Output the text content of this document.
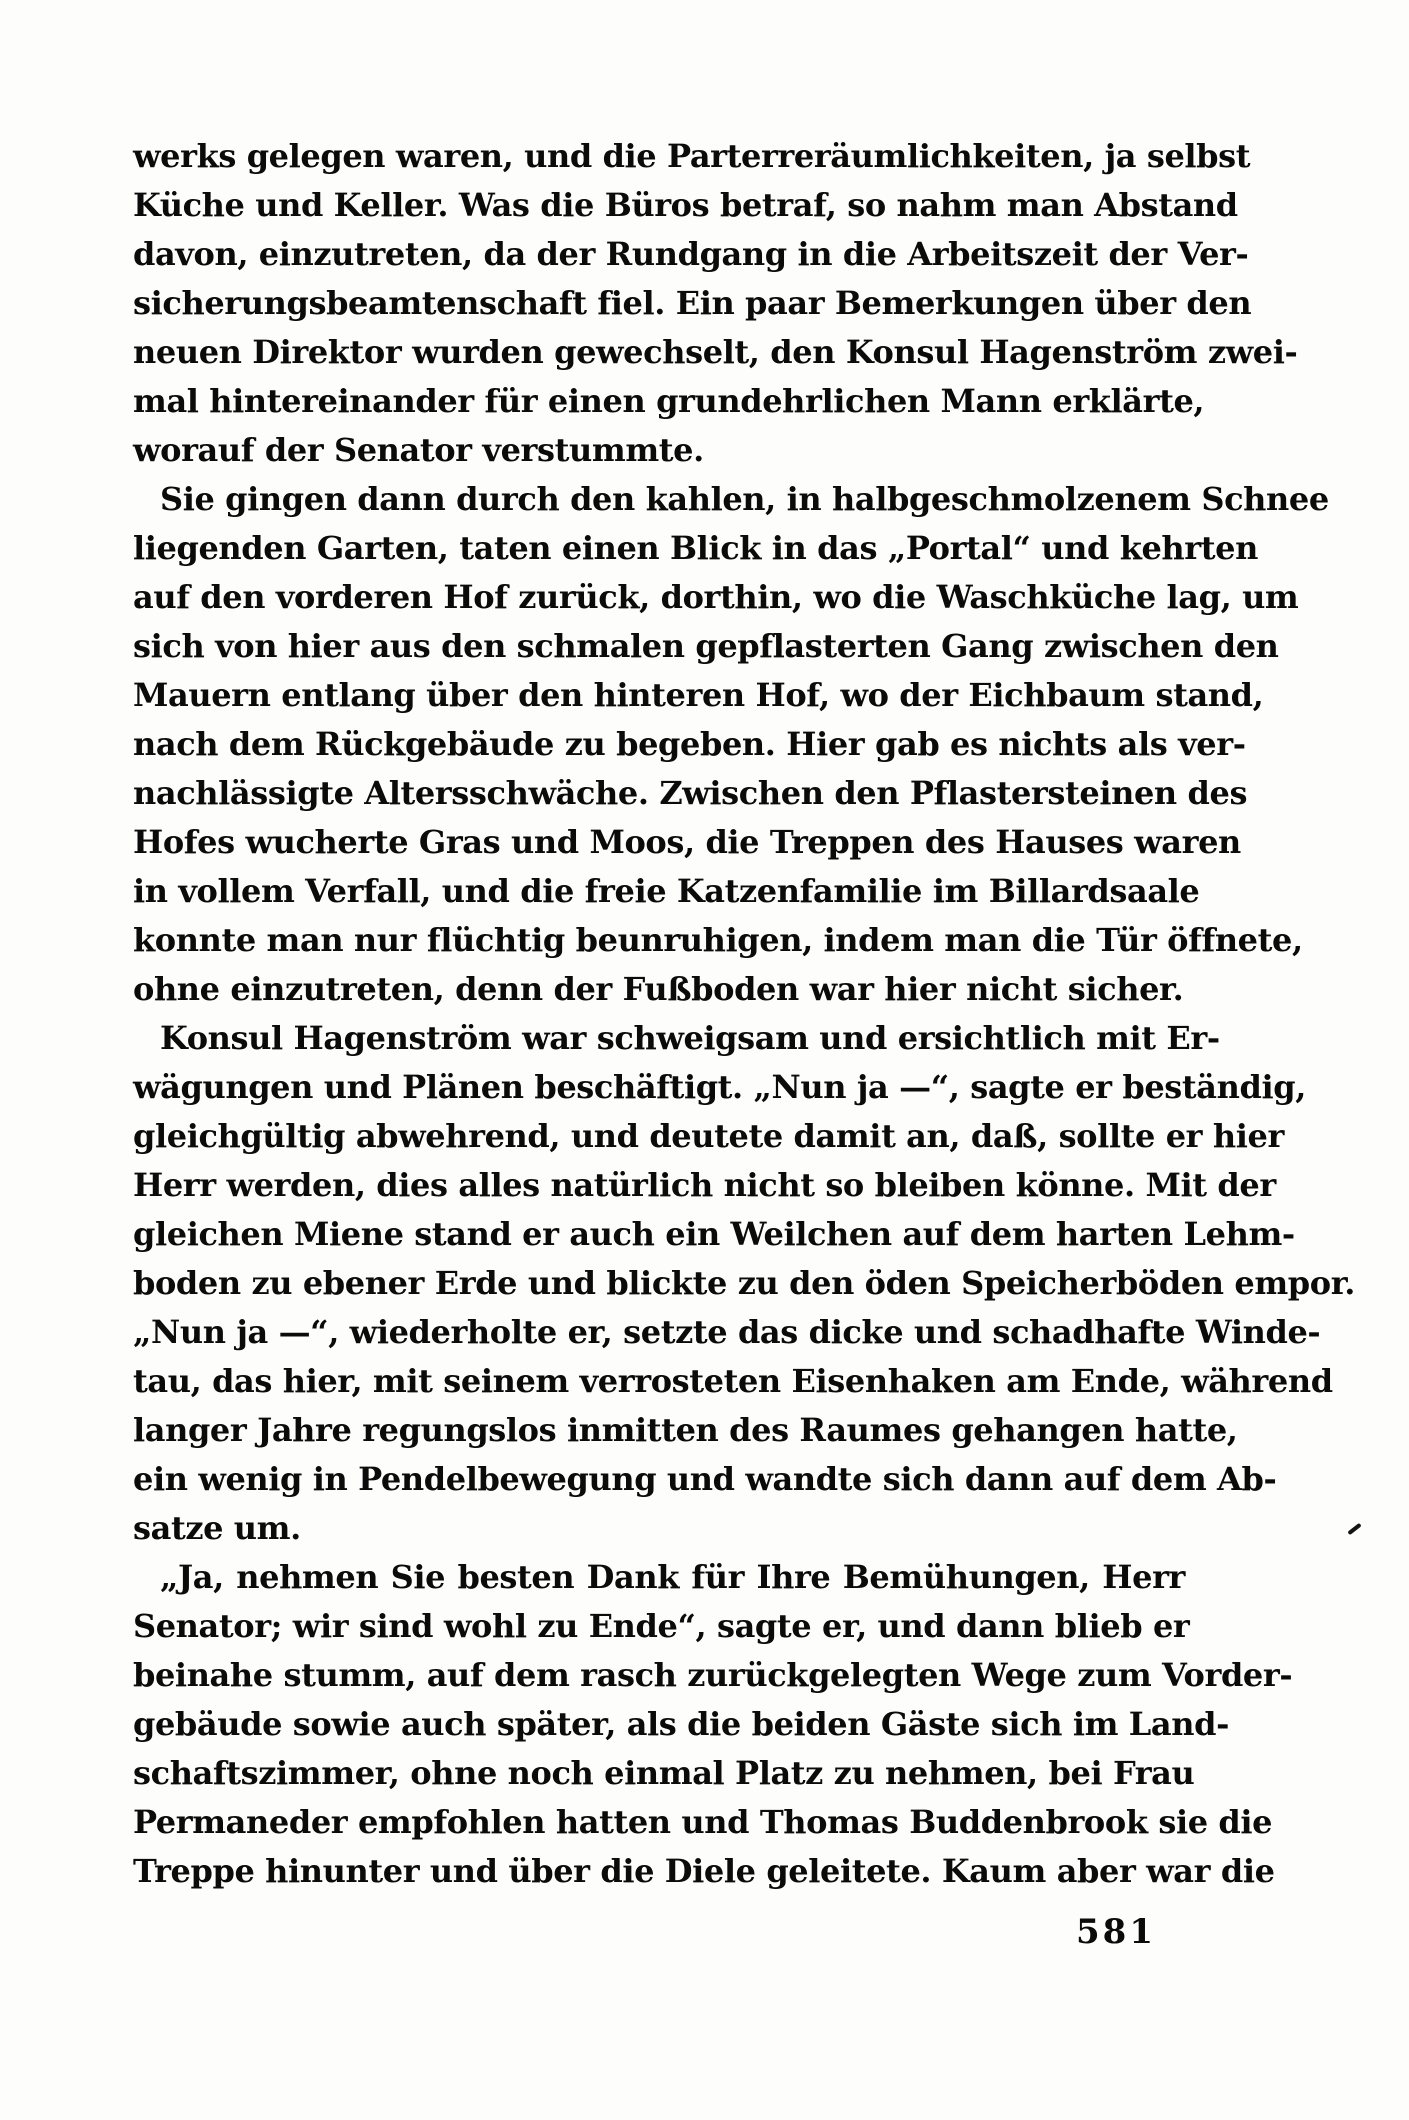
werks gelegen waren, und die Parterreräumlichkeiten, ja selbst
Küche und Keller. Was die Büros betraf, so nahm man Abstand
davon, einzutreten, da der Rundgang in die Arbeitszeit der Ver-
sicherungsbeamtenschaft fiel. Ein paar Bemerkungen über den
neuen Direktor wurden gewechselt, den Konsul Hagenström zwei-
mal hintereinander für einen grundehrlichen Mann erklärte,
worauf der Senator verstummte.
Sie gingen dann durch den kahlen, in halbgeschmolzenem Schnee
liegenden Garten, taten einen Blick in das „Portal“ und kehrten
auf den vorderen Hof zurück, dorthin, wo die Waschküche lag, um
sich von hier aus den schmalen gepflasterten Gang zwischen den
Mauern entlang über den hinteren Hof, wo der Eichbaum stand,
nach dem Rückgebäude zu begeben. Hier gab es nichts als ver-
nachlässigte Altersschwäche. Zwischen den Pflastersteinen des
Hofes wucherte Gras und Moos, die Treppen des Hauses waren
in vollem Verfall, und die freie Katzenfamilie im Billardsaale
konnte man nur flüchtig beunruhigen, indem man die Tür öffnete,
ohne einzutreten, denn der Fußboden war hier nicht sicher.
Konsul Hagenström war schweigsam und ersichtlich mit Er-
wägungen und Plänen beschäftigt. „Nun ja —“, sagte er beständig,
gleichgültig abwehrend, und deutete damit an, daß, sollte er hier
Herr werden, dies alles natürlich nicht so bleiben könne. Mit der
gleichen Miene stand er auch ein Weilchen auf dem harten Lehm-
boden zu ebener Erde und blickte zu den öden Speicherböden empor.
„Nun ja —“, wiederholte er, setzte das dicke und schadhafte Winde-
tau, das hier, mit seinem verrosteten Eisenhaken am Ende, während
langer Jahre regungslos inmitten des Raumes gehangen hatte,
ein wenig in Pendelbewegung und wandte sich dann auf dem Ab-
satze um.
„Ja, nehmen Sie besten Dank für Ihre Bemühungen, Herr
Senator; wir sind wohl zu Ende“, sagte er, und dann blieb er
beinahe stumm, auf dem rasch zurückgelegten Wege zum Vorder-
gebäude sowie auch später, als die beiden Gäste sich im Land-
schaftszimmer, ohne noch einmal Platz zu nehmen, bei Frau
Permaneder empfohlen hatten und Thomas Buddenbrook sie die
Treppe hinunter und über die Diele geleitete. Kaum aber war die
581
